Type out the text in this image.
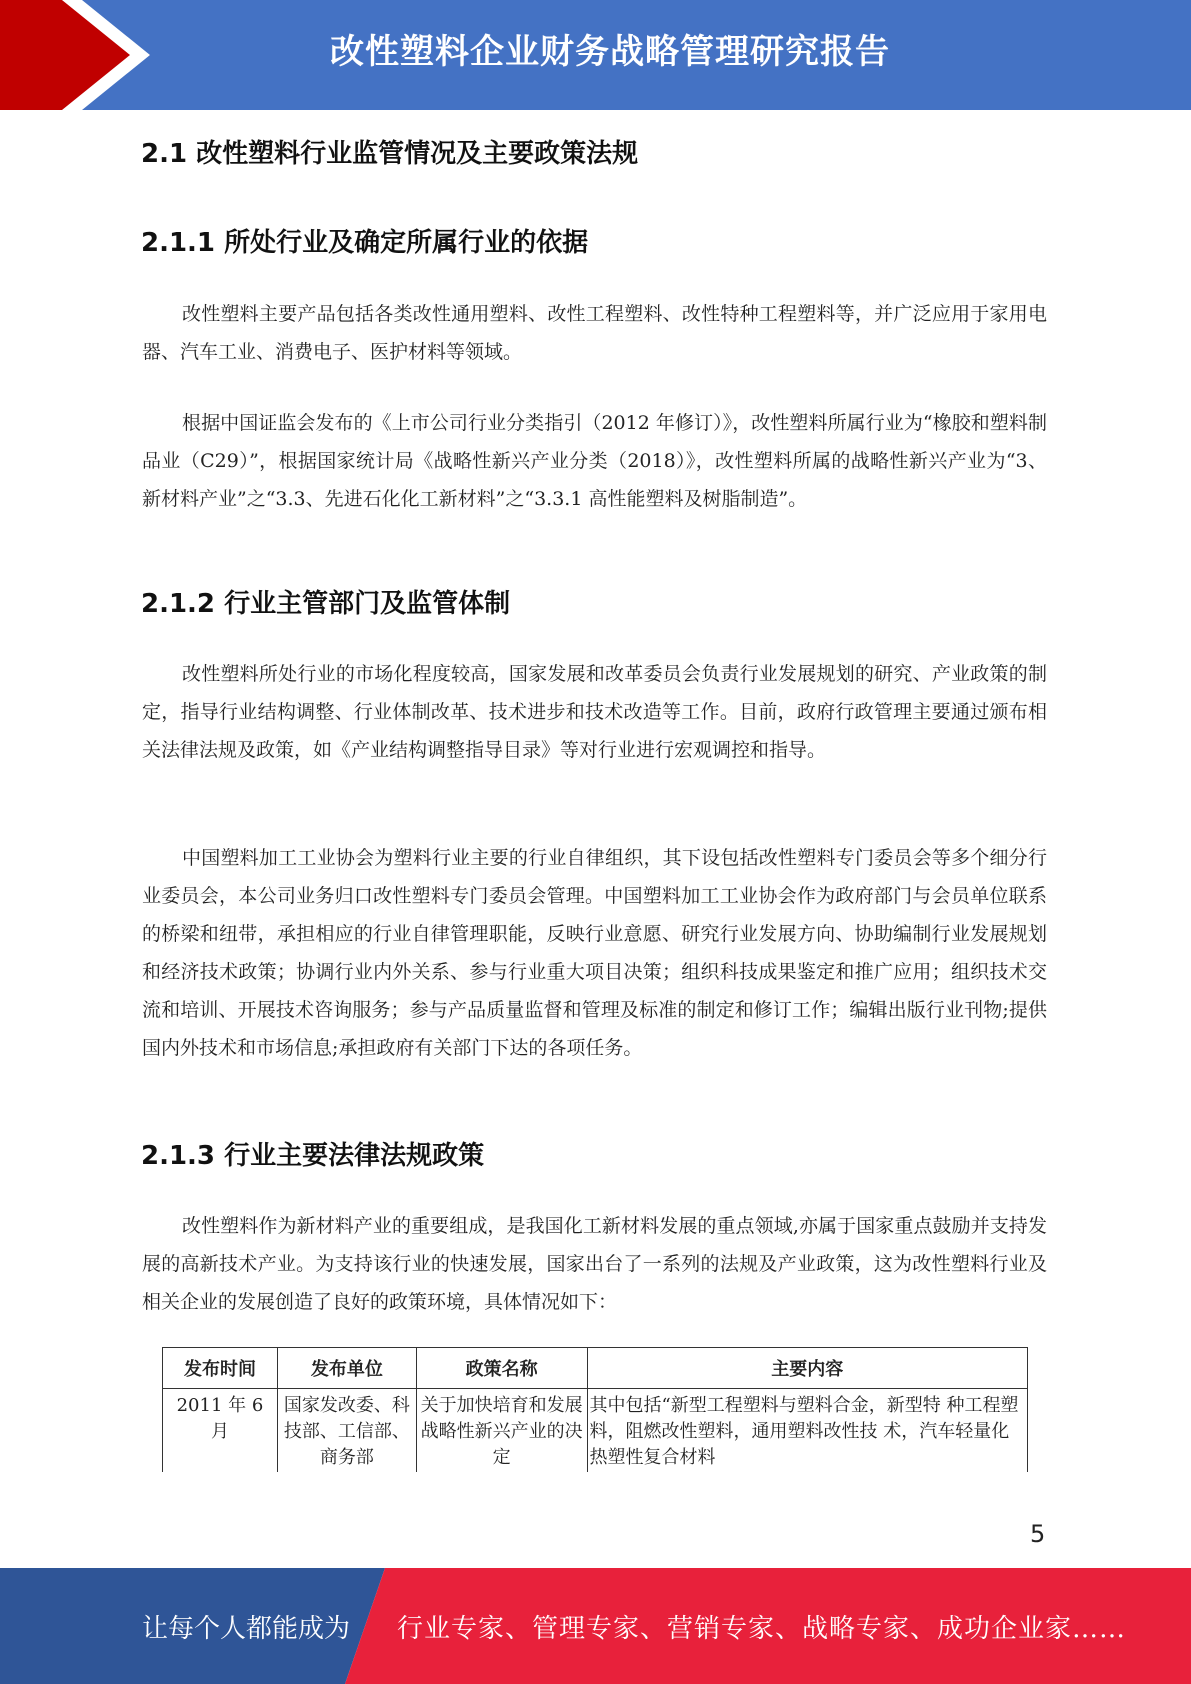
改性塑料企业财务战略管理研究报告
2.1 改性塑料行业监管情况及主要政策法规
2.1.1 所处行业及确定所属行业的依据
改性塑料主要产品包括各类改性通用塑料、改性工程塑料、改性特种工程塑料等，并广泛应用于家用电器、汽车工业、消费电子、医护材料等领域。
根据中国证监会发布的《上市公司行业分类指引（2012 年修订）》，改性塑料所属行业为“橡胶和塑料制品业（C29）”，根据国家统计局《战略性新兴产业分类（2018）》，改性塑料所属的战略性新兴产业为“3、新材料产业”之“3.3、先进石化化工新材料”之“3.3.1 高性能塑料及树脂制造”。
2.1.2 行业主管部门及监管体制
改性塑料所处行业的市场化程度较高，国家发展和改革委员会负责行业发展规划的研究、产业政策的制定，指导行业结构调整、行业体制改革、技术进步和技术改造等工作。目前，政府行政管理主要通过颁布相关法律法规及政策，如《产业结构调整指导目录》等对行业进行宏观调控和指导。
中国塑料加工工业协会为塑料行业主要的行业自律组织，其下设包括改性塑料专门委员会等多个细分行业委员会，本公司业务归口改性塑料专门委员会管理。中国塑料加工工业协会作为政府部门与会员单位联系的桥梁和纽带，承担相应的行业自律管理职能，反映行业意愿、研究行业发展方向、协助编制行业发展规划和经济技术政策；协调行业内外关系、参与行业重大项目决策；组织科技成果鉴定和推广应用；组织技术交流和培训、开展技术咨询服务；参与产品质量监督和管理及标准的制定和修订工作；编辑出版行业刊物;提供国内外技术和市场信息;承担政府有关部门下达的各项任务。
2.1.3 行业主要法律法规政策
改性塑料作为新材料产业的重要组成，是我国化工新材料发展的重点领域,亦属于国家重点鼓励并支持发展的高新技术产业。为支持该行业的快速发展，国家出台了一系列的法规及产业政策，这为改性塑料行业及相关企业的发展创造了良好的政策环境，具体情况如下：
发布时间	发布单位	政策名称	主要内容
2011 年 6 月	国家发改委、科技部、工信部、商务部	关于加快培育和发展战略性新兴产业的决定	其中包括“新型工程塑料与塑料合金，新型特 种工程塑料，阻燃改性塑料，通用塑料改性技 术，汽车轻量化热塑性复合材料
5
让每个人都能成为 行业专家、管理专家、营销专家、战略专家、成功企业家……
